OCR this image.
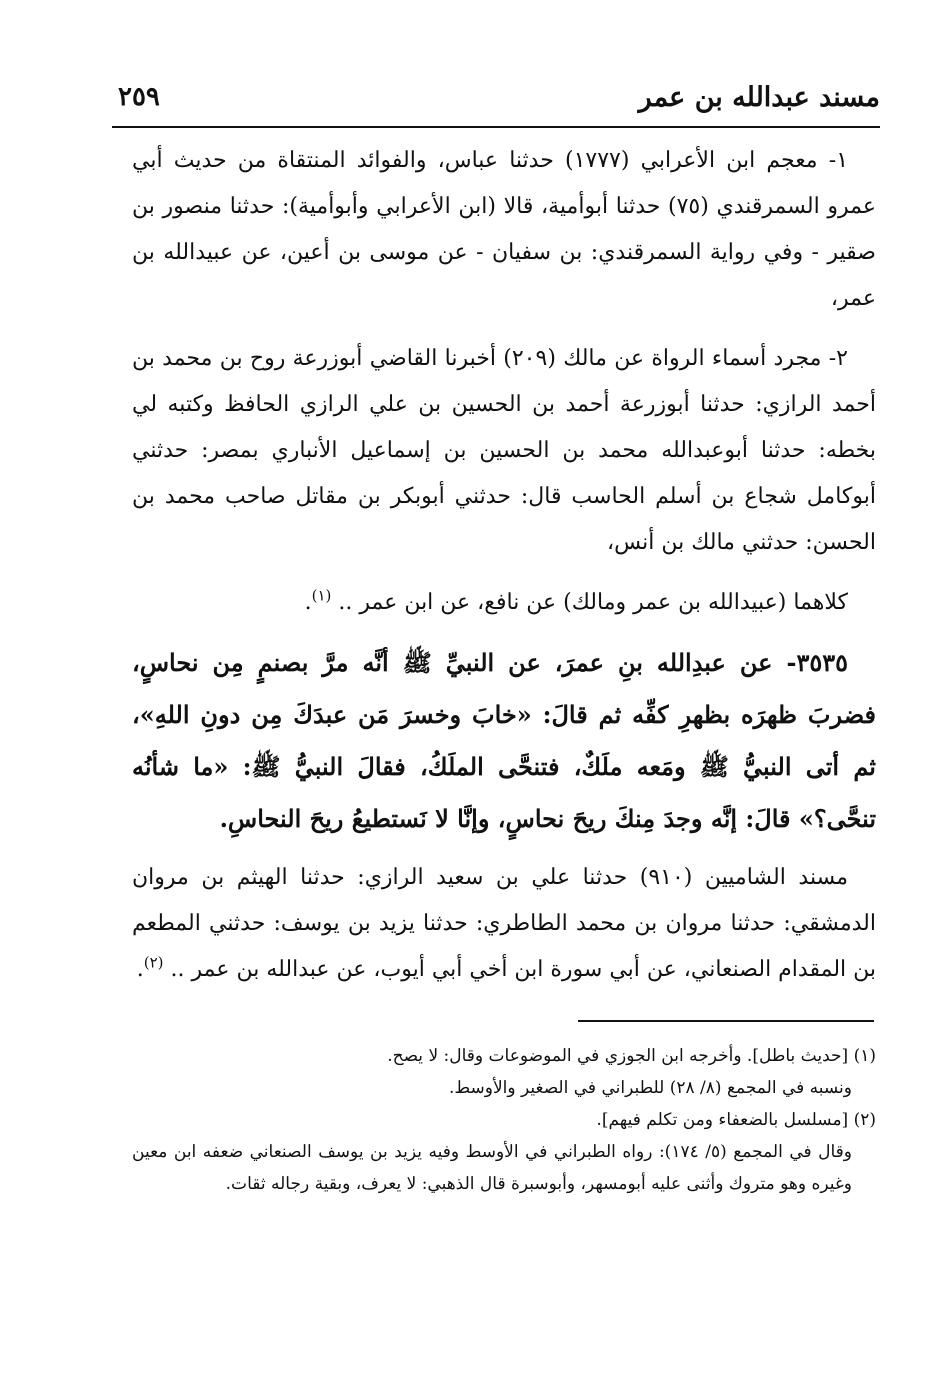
مسند عبدالله بن عمر
٢٥٩

١- معجم ابن الأعرابي (١٧٧٧) حدثنا عباس، والفوائد المنتقاة من حديث أبي عمرو السمرقندي (٧٥) حدثنا أبوأمية، قالا (ابن الأعرابي وأبوأمية): حدثنا منصور بن صقير - وفي رواية السمرقندي: بن سفيان - عن موسى بن أعين، عن عبيدالله بن عمر،

٢- مجرد أسماء الرواة عن مالك (٢٠٩) أخبرنا القاضي أبوزرعة روح بن محمد بن أحمد الرازي: حدثنا أبوزرعة أحمد بن الحسين بن علي الرازي الحافظ وكتبه لي بخطه: حدثنا أبوعبدالله محمد بن الحسين بن إسماعيل الأنباري بمصر: حدثني أبوكامل شجاع بن أسلم الحاسب قال: حدثني أبوبكر بن مقاتل صاحب محمد بن الحسن: حدثني مالك بن أنس،

كلاهما (عبيدالله بن عمر ومالك) عن نافع، عن ابن عمر .. $^{(١)}$.

٣٥٣٥- عن عبدِالله بنِ عمرَ، عن النبيِّ ﷺ أنَّه مرَّ بصنمٍ مِن نحاسٍ، فضربَ ظهرَه بظهرِ كفِّه ثم قالَ: «خابَ وخسرَ مَن عبدَكَ مِن دونِ اللهِ»، ثم أتى النبيُّ ﷺ ومَعه ملَكٌ، فتنحَّى الملَكُ، فقالَ النبيُّ ﷺ: «ما شأنُه تنحَّى؟» قالَ: إنَّه وجدَ مِنكَ ريحَ نحاسٍ، وإنَّا لا نَستطيعُ ريحَ النحاسِ.

مسند الشاميين (٩١٠) حدثنا علي بن سعيد الرازي: حدثنا الهيثم بن مروان الدمشقي: حدثنا مروان بن محمد الطاطري: حدثنا يزيد بن يوسف: حدثني المطعم بن المقدام الصنعاني، عن أبي سورة ابن أخي أبي أيوب، عن عبدالله بن عمر .. $^{(٢)}$.

(١) [حديث باطل]. وأخرجه ابن الجوزي في الموضوعات وقال: لا يصح.

ونسبه في المجمع (٨/ ٢٨) للطبراني في الصغير والأوسط.

(٢) [مسلسل بالضعفاء ومن تكلم فيهم].

وقال في المجمع (٥/ ١٧٤): رواه الطبراني في الأوسط وفيه يزيد بن يوسف الصنعاني ضعفه ابن معين وغيره وهو متروك وأثنى عليه أبومسهر، وأبوسبرة قال الذهبي: لا يعرف، وبقية رجاله ثقات.
